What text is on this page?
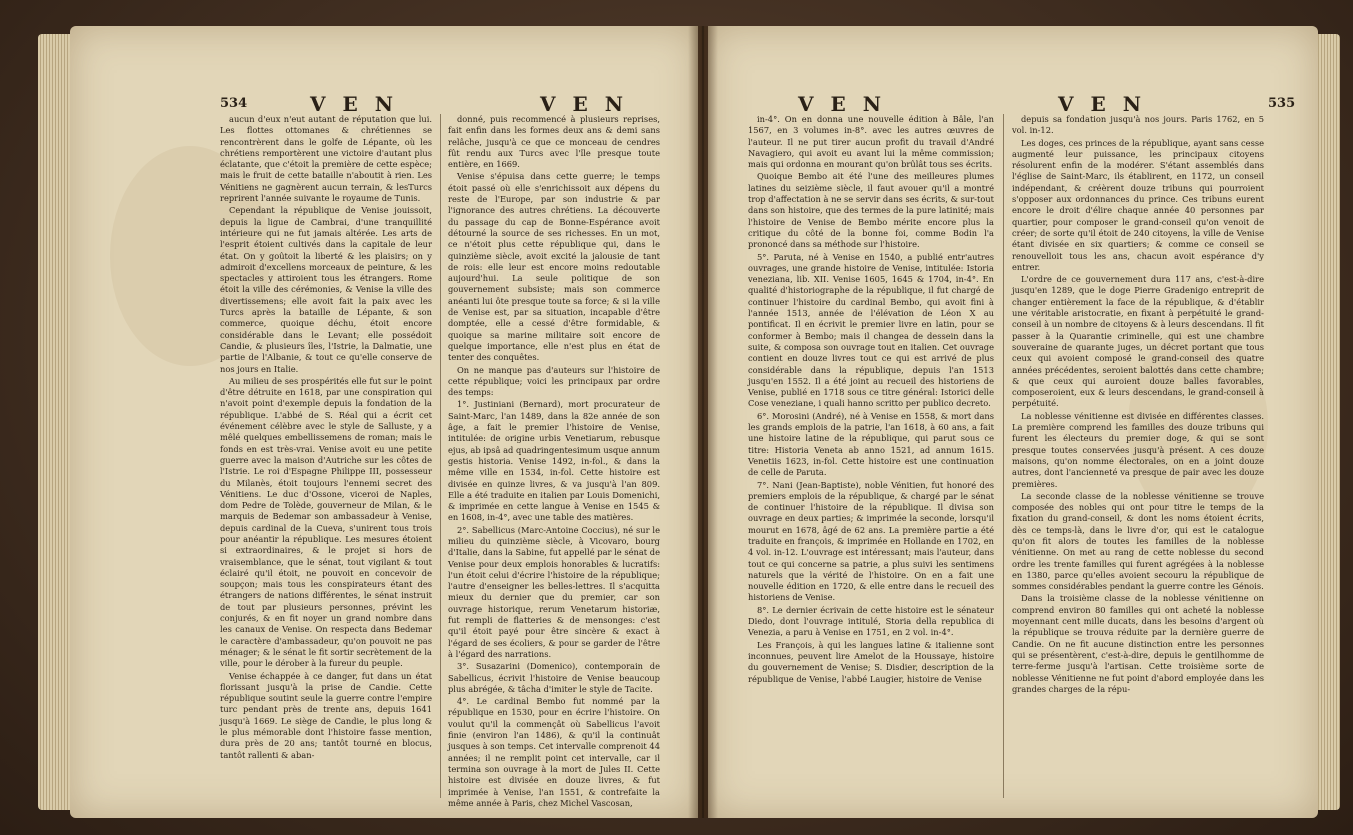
534	V E N	V E N

aucun d'eux n'eut autant de réputation que lui. Les flottes ottomanes & chrétiennes se rencontrèrent dans le golfe de Lépante, où les chrétiens remportèrent une victoire d'autant plus éclatante, que c'étoit la première de cette espèce; mais le fruit de cette bataille n'aboutit à rien. Les Vénitiens ne gagnèrent aucun terrain, & lesTurcs reprirent l'année suivante le royaume de Tunis.

Cependant la république de Venise jouissoit, depuis la ligue de Cambrai, d'une tranquillité intérieure qui ne fut jamais altérée. Les arts de l'esprit étoient cultivés dans la capitale de leur état. On y goûtoit la liberté & les plaisirs; on y admiroit d'excellens morceaux de peinture, & les spectacles y attiroient tous les étrangers. Rome étoit la ville des cérémonies, & Venise la ville des divertissemens; elle avoit fait la paix avec les Turcs après la bataille de Lépante, & son commerce, quoique déchu, étoit encore considérable dans le Levant; elle possédoit Candie, & plusieurs îles, l'Istrie, la Dalmatie, une partie de l'Albanie, & tout ce qu'elle conserve de nos jours en Italie.

Au milieu de ses prospérités elle fut sur le point d'être détruite en 1618, par une conspiration qui n'avoit point d'exemple depuis la fondation de la république. L'abbé de S. Réal qui a écrit cet événement célèbre avec le style de Salluste, y a mêlé quelques embellissemens de roman; mais le fonds en est très-vrai. Venise avoit eu une petite guerre avec la maison d'Autriche sur les côtes de l'Istrie. Le roi d'Espagne Philippe III, possesseur du Milanès, étoit toujours l'ennemi secret des Vénitiens. Le duc d'Ossone, viceroi de Naples, dom Pedre de Tolède, gouverneur de Milan, & le marquis de Bedemar son ambassadeur à Venise, depuis cardinal de la Cueva, s'unirent tous trois pour anéantir la république. Les mesures étoient si extraordinaires, & le projet si hors de vraisemblance, que le sénat, tout vigilant & tout éclairé qu'il étoit, ne pouvoit en concevoir de soupçon; mais tous les conspirateurs étant des étrangers de nations différentes, le sénat instruit de tout par plusieurs personnes, prévint les conjurés, & en fit noyer un grand nombre dans les canaux de Venise. On respecta dans Bedemar le caractère d'ambassadeur, qu'on pouvoit ne pas ménager; & le sénat le fit sortir secrètement de la ville, pour le dérober à la fureur du peuple.

Venise échappée à ce danger, fut dans un état florissant jusqu'à la prise de Candie. Cette république soutint seule la guerre contre l'empire turc pendant près de trente ans, depuis 1641 jusqu'à 1669. Le siège de Candie, le plus long & le plus mémorable dont l'histoire fasse mention, dura près de 20 ans; tantôt tourné en blocus, tantôt rallenti & aban-

donné, puis recommencé à plusieurs reprises, fait enfin dans les formes deux ans & demi sans relâche, jusqu'à ce que ce monceau de cendres fût rendu aux Turcs avec l'île presque toute entière, en 1669.

Venise s'épuisa dans cette guerre; le temps étoit passé où elle s'enrichissoit aux dépens du reste de l'Europe, par son industrie & par l'ignorance des autres chrétiens. La découverte du passage du cap de Bonne-Espérance avoit détourné la source de ses richesses. En un mot, ce n'étoit plus cette république qui, dans le quinzième siècle, avoit excité la jalousie de tant de rois: elle leur est encore moins redoutable aujourd'hui. La seule politique de son gouvernement subsiste; mais son commerce anéanti lui ôte presque toute sa force; & si la ville de Venise est, par sa situation, incapable d'être domptée, elle a cessé d'être formidable, & quoique sa marine militaire soit encore de quelque importance, elle n'est plus en état de tenter des conquêtes.

On ne manque pas d'auteurs sur l'histoire de cette république; voici les principaux par ordre des temps:

1°. Justiniani (Bernard), mort procurateur de Saint-Marc, l'an 1489, dans la 82e année de son âge, a fait le premier l'histoire de Venise, intitulée: de origine urbis Venetiarum, rebusque ejus, ab ipsâ ad quadringentesimum usque annum gestis historia. Venise 1492, in-fol., & dans la même ville en 1534, in-fol. Cette histoire est divisée en quinze livres, & va jusqu'à l'an 809. Elle a été traduite en italien par Louis Domenichi, & imprimée en cette langue à Venise en 1545 & en 1608, in-4°, avec une table des matières.

2°. Sabellicus (Marc-Antoine Coccius), né sur le milieu du quinzième siècle, à Vicovaro, bourg d'Italie, dans la Sabine, fut appellé par le sénat de Venise pour deux emplois honorables & lucratifs: l'un étoit celui d'écrire l'histoire de la république; l'autre d'enseigner les belles-lettres. Il s'acquitta mieux du dernier que du premier, car son ouvrage historique, rerum Venetarum historiæ, fut rempli de flatteries & de mensonges: c'est qu'il étoit payé pour être sincère & exact à l'égard de ses écoliers, & pour se garder de l'être à l'égard des narrations.

3°. Susazarini (Domenico), contemporain de Sabellicus, écrivit l'histoire de Venise beaucoup plus abrégée, & tâcha d'imiter le style de Tacite.

4°. Le cardinal Bembo fut nommé par la république en 1530, pour en écrire l'histoire. On voulut qu'il la commençât où Sabellicus l'avoit finie (environ l'an 1486), & qu'il la continuât jusques à son temps. Cet intervalle comprenoit 44 années; il ne remplit point cet intervalle, car il termina son ouvrage à la mort de Jules II. Cette histoire est divisée en douze livres, & fut imprimée à Venise, l'an 1551, & contrefaite la même année à Paris, chez Michel Vascosan,

V E N	V E N	535

in-4°. On en donna une nouvelle édition à Bâle, l'an 1567, en 3 volumes in-8°. avec les autres œuvres de l'auteur. Il ne put tirer aucun profit du travail d'André Navagiero, qui avoit eu avant lui la même commission; mais qui ordonna en mourant qu'on brûlât tous ses écrits.

Quoique Bembo ait été l'une des meilleures plumes latines du seizième siècle, il faut avouer qu'il a montré trop d'affectation à ne se servir dans ses écrits, & sur-tout dans son histoire, que des termes de la pure latinité; mais l'histoire de Venise de Bembo mérite encore plus la critique du côté de la bonne foi, comme Bodin l'a prononcé dans sa méthode sur l'histoire.

5°. Paruta, né à Venise en 1540, a publié entr'autres ouvrages, une grande histoire de Venise, intitulée: Istoria veneziana, lib. XII. Venise 1605, 1645 & 1704, in-4°. En qualité d'historiographe de la république, il fut chargé de continuer l'histoire du cardinal Bembo, qui avoit fini à l'année 1513, année de l'élévation de Léon X au pontificat. Il en écrivit le premier livre en latin, pour se conformer à Bembo; mais il changea de dessein dans la suite, & composa son ouvrage tout en italien. Cet ouvrage contient en douze livres tout ce qui est arrivé de plus considérable dans la république, depuis l'an 1513 jusqu'en 1552. Il a été joint au recueil des historiens de Venise, publié en 1718 sous ce titre général: Istorici delle Cose veneziane, i quali hanno scritto per publico decreto.

6°. Morosini (André), né à Venise en 1558, & mort dans les grands emplois de la patrie, l'an 1618, à 60 ans, a fait une histoire latine de la république, qui parut sous ce titre: Historia Veneta ab anno 1521, ad annum 1615. Venetiis 1623, in-fol. Cette histoire est une continuation de celle de Paruta.

7°. Nani (Jean-Baptiste), noble Vénitien, fut honoré des premiers emplois de la république, & chargé par le sénat de continuer l'histoire de la république. Il divisa son ouvrage en deux parties; & imprimée la seconde, lorsqu'il mourut en 1678, âgé de 62 ans. La première partie a été traduite en françois, & imprimée en Hollande en 1702, en 4 vol. in-12. L'ouvrage est intéressant; mais l'auteur, dans tout ce qui concerne sa patrie, a plus suivi les sentimens naturels que la vérité de l'histoire. On en a fait une nouvelle édition en 1720, & elle entre dans le recueil des historiens de Venise.

8°. Le dernier écrivain de cette histoire est le sénateur Diedo, dont l'ouvrage intitulé, Storia della republica di Venezia, a paru à Venise en 1751, en 2 vol. in-4°.

Les François, à qui les langues latine & italienne sont inconnues, peuvent lire Amelot de la Houssaye, histoire du gouvernement de Venise; S. Disdier, description de la république de Venise, l'abbé Laugier, histoire de Venise

depuis sa fondation jusqu'à nos jours. Paris 1762, en 5 vol. in-12.

Les doges, ces princes de la république, ayant sans cesse augmenté leur puissance, les principaux citoyens résolurent enfin de la modérer. S'étant assemblés dans l'église de Saint-Marc, ils établirent, en 1172, un conseil indépendant, & créèrent douze tribuns qui pourroient s'opposer aux ordonnances du prince. Ces tribuns eurent encore le droit d'élire chaque année 40 personnes par quartier, pour composer le grand-conseil qu'on venoit de créer; de sorte qu'il étoit de 240 citoyens, la ville de Venise étant divisée en six quartiers; & comme ce conseil se renouvelloit tous les ans, chacun avoit espérance d'y entrer.

L'ordre de ce gouvernement dura 117 ans, c'est-à-dire jusqu'en 1289, que le doge Pierre Gradenigo entreprit de changer entièrement la face de la république, & d'établir une véritable aristocratie, en fixant à perpétuité le grand-conseil à un nombre de citoyens & à leurs descendans. Il fit passer à la Quarantie criminelle, qui est une chambre souveraine de quarante juges, un décret portant que tous ceux qui avoient composé le grand-conseil des quatre années précédentes, seroient balottés dans cette chambre; & que ceux qui auroient douze balles favorables, composeroient, eux & leurs descendans, le grand-conseil à perpétuité.

La noblesse vénitienne est divisée en différentes classes. La première comprend les familles des douze tribuns qui furent les électeurs du premier doge, & qui se sont presque toutes conservées jusqu'à présent. A ces douze maisons, qu'on nomme électorales, on en a joint douze autres, dont l'ancienneté va presque de pair avec les douze premières.

La seconde classe de la noblesse vénitienne se trouve composée des nobles qui ont pour titre le temps de la fixation du grand-conseil, & dont les noms étoient écrits, dès ce temps-là, dans le livre d'or, qui est le catalogue qu'on fit alors de toutes les familles de la noblesse vénitienne. On met au rang de cette noblesse du second ordre les trente familles qui furent agrégées à la noblesse en 1380, parce qu'elles avoient secouru la république de sommes considérables pendant la guerre contre les Génois.

Dans la troisième classe de la noblesse vénitienne on comprend environ 80 familles qui ont acheté la noblesse moyennant cent mille ducats, dans les besoins d'argent où la république se trouva réduite par la dernière guerre de Candie. On ne fit aucune distinction entre les personnes qui se présentèrent, c'est-à-dire, depuis le gentilhomme de terre-ferme jusqu'à l'artisan. Cette troisième sorte de noblesse Vénitienne ne fut point d'abord employée dans les grandes charges de la répu-
